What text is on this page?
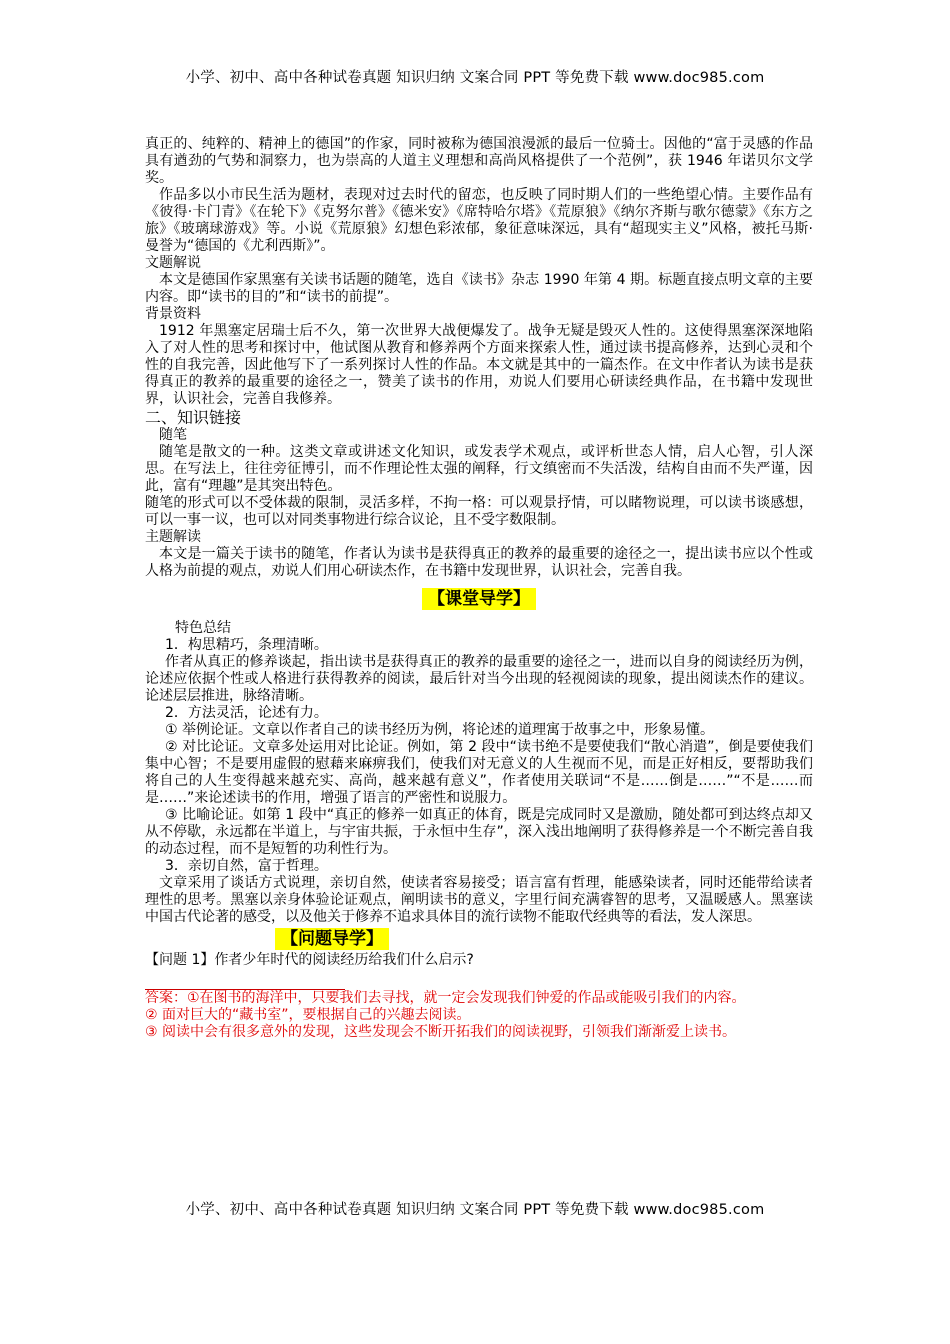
小学、初中、高中各种试卷真题 知识归纳 文案合同 PPT 等免费下载 www.doc985.com

真正的、纯粹的、精神上的德国”的作家，同时被称为德国浪漫派的最后一位骑士。因他的“富于灵感的作品具有遒劲的气势和洞察力，也为崇高的人道主义理想和高尚风格提供了一个范例”，获 1946 年诺贝尔文学奖。

作品多以小市民生活为题材，表现对过去时代的留恋，也反映了同时期人们的一些绝望心情。主要作品有《彼得·卡门青》《在轮下》《克努尔普》《德米安》《席特哈尔塔》《荒原狼》《纳尔齐斯与歌尔德蒙》《东方之旅》《玻璃球游戏》等。小说《荒原狼》幻想色彩浓郁，象征意味深远，具有“超现实主义”风格，被托马斯·曼誉为“德国的《尤利西斯》”。

文题解说

本文是德国作家黑塞有关读书话题的随笔，选自《读书》杂志 1990 年第 4 期。标题直接点明文章的主要内容。即“读书的目的”和“读书的前提”。

背景资料

1912 年黑塞定居瑞士后不久，第一次世界大战便爆发了。战争无疑是毁灭人性的。这使得黑塞深深地陷入了对人性的思考和探讨中，他试图从教育和修养两个方面来探索人性，通过读书提高修养，达到心灵和个性的自我完善，因此他写下了一系列探讨人性的作品。本文就是其中的一篇杰作。在文中作者认为读书是获得真正的教养的最重要的途径之一，赞美了读书的作用，劝说人们要用心研读经典作品，在书籍中发现世界，认识社会，完善自我修养。

二、知识链接

随笔

随笔是散文的一种。这类文章或讲述文化知识，或发表学术观点，或评析世态人情，启人心智，引人深思。在写法上，往往旁征博引，而不作理论性太强的阐释，行文缜密而不失活泼，结构自由而不失严谨，因此，富有“理趣”是其突出特色。

随笔的形式可以不受体裁的限制，灵活多样，不拘一格：可以观景抒情，可以睹物说理，可以读书谈感想，可以一事一议，也可以对同类事物进行综合议论，且不受字数限制。

主题解读

本文是一篇关于读书的随笔，作者认为读书是获得真正的教养的最重要的途径之一，提出读书应以个性或人格为前提的观点，劝说人们用心研读杰作，在书籍中发现世界，认识社会，完善自我。

【课堂导学】

特色总结

1．构思精巧，条理清晰。

作者从真正的修养谈起，指出读书是获得真正的教养的最重要的途径之一，进而以自身的阅读经历为例，论述应依据个性或人格进行获得教养的阅读，最后针对当今出现的轻视阅读的现象，提出阅读杰作的建议。论述层层推进，脉络清晰。

2．方法灵活，论述有力。

① 举例论证。文章以作者自己的读书经历为例，将论述的道理寓于故事之中，形象易懂。

② 对比论证。文章多处运用对比论证。例如，第 2 段中“读书绝不是要使我们“散心消遣”，倒是要使我们集中心智；不是要用虚假的慰藉来麻痹我们，使我们对无意义的人生视而不见，而是正好相反，要帮助我们将自己的人生变得越来越充实、高尚，越来越有意义”，作者使用关联词“不是……倒是……”“不是……而是……”来论述读书的作用，增强了语言的严密性和说服力。

③ 比喻论证。如第 1 段中“真正的修养一如真正的体育，既是完成同时又是激励，随处都可到达终点却又从不停歇，永远都在半道上，与宇宙共振，于永恒中生存”，深入浅出地阐明了获得修养是一个不断完善自我的动态过程，而不是短暂的功利性行为。

3．亲切自然，富于哲理。

文章采用了谈话方式说理，亲切自然，使读者容易接受；语言富有哲理，能感染读者，同时还能带给读者理性的思考。黑塞以亲身体验论证观点，阐明读书的意义，字里行间充满睿智的思考，又温暖感人。黑塞读中国古代论著的感受，以及他关于修养不追求具体目的流行读物不能取代经典等的看法，发人深思。

【问题导学】

【问题 1】作者少年时代的阅读经历给我们什么启示?

答案：①在图书的海洋中，只要我们去寻找，就一定会发现我们钟爱的作品或能吸引我们的内容。

② 面对巨大的“藏书室”，要根据自己的兴趣去阅读。

③ 阅读中会有很多意外的发现，这些发现会不断开拓我们的阅读视野，引领我们渐渐爱上读书。

小学、初中、高中各种试卷真题 知识归纳 文案合同 PPT 等免费下载 www.doc985.com
